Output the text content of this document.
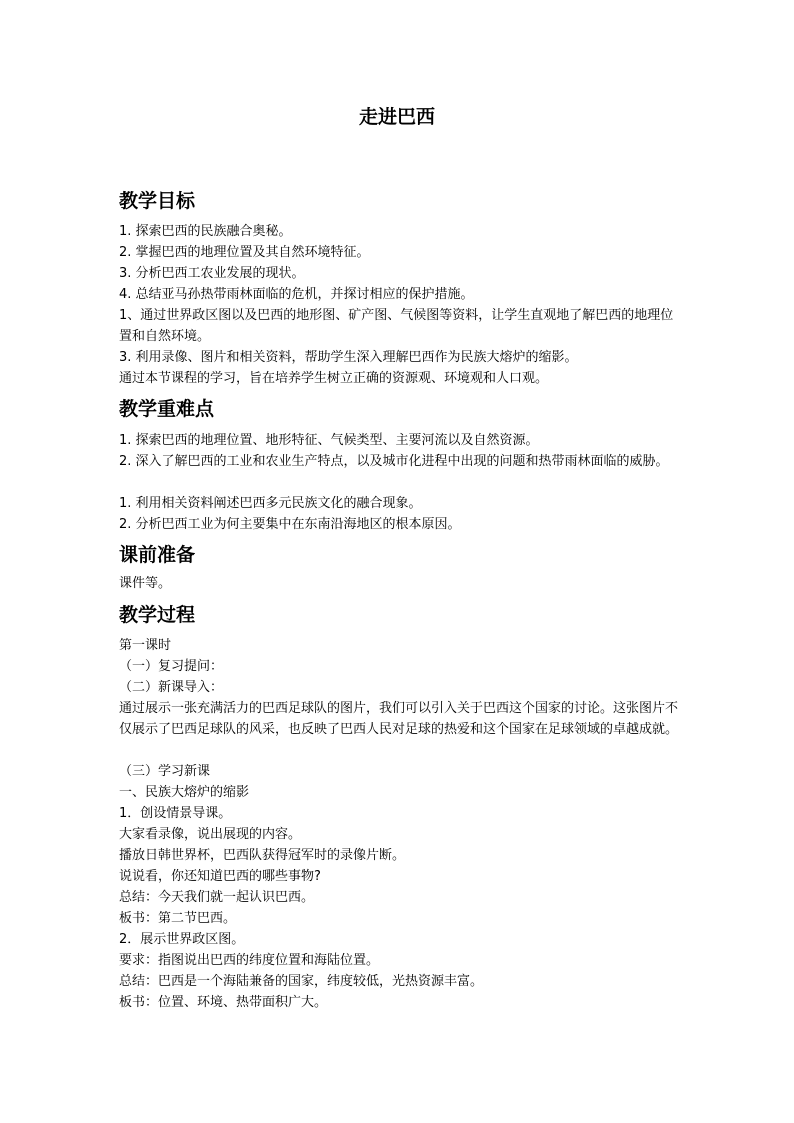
走进巴西
教学目标

1. 探索巴西的民族融合奥秘。

2. 掌握巴西的地理位置及其自然环境特征。

3. 分析巴西工农业发展的现状。

4. 总结亚马孙热带雨林面临的危机，并探讨相应的保护措施。

1、通过世界政区图以及巴西的地形图、矿产图、气候图等资料，让学生直观地了解巴西的地理位置和自然环境。

3. 利用录像、图片和相关资料，帮助学生深入理解巴西作为民族大熔炉的缩影。

通过本节课程的学习，旨在培养学生树立正确的资源观、环境观和人口观。

教学重难点

1. 探索巴西的地理位置、地形特征、气候类型、主要河流以及自然资源。

2. 深入了解巴西的工业和农业生产特点，以及城市化进程中出现的问题和热带雨林面临的威胁。

1. 利用相关资料阐述巴西多元民族文化的融合现象。

2. 分析巴西工业为何主要集中在东南沿海地区的根本原因。

课前准备

课件等。

教学过程

第一课时

（一）复习提问：

（二）新课导入：

通过展示一张充满活力的巴西足球队的图片，我们可以引入关于巴西这个国家的讨论。这张图片不仅展示了巴西足球队的风采，也反映了巴西人民对足球的热爱和这个国家在足球领域的卓越成就。

（三）学习新课

一、民族大熔炉的缩影

1．创设情景导课。

大家看录像，说出展现的内容。

播放日韩世界杯，巴西队获得冠军时的录像片断。

说说看，你还知道巴西的哪些事物?

总结：今天我们就一起认识巴西。

板书：第二节巴西。

2．展示世界政区图。

要求：指图说出巴西的纬度位置和海陆位置。

总结：巴西是一个海陆兼备的国家，纬度较低，光热资源丰富。

板书：位置、环境、热带面积广大。
